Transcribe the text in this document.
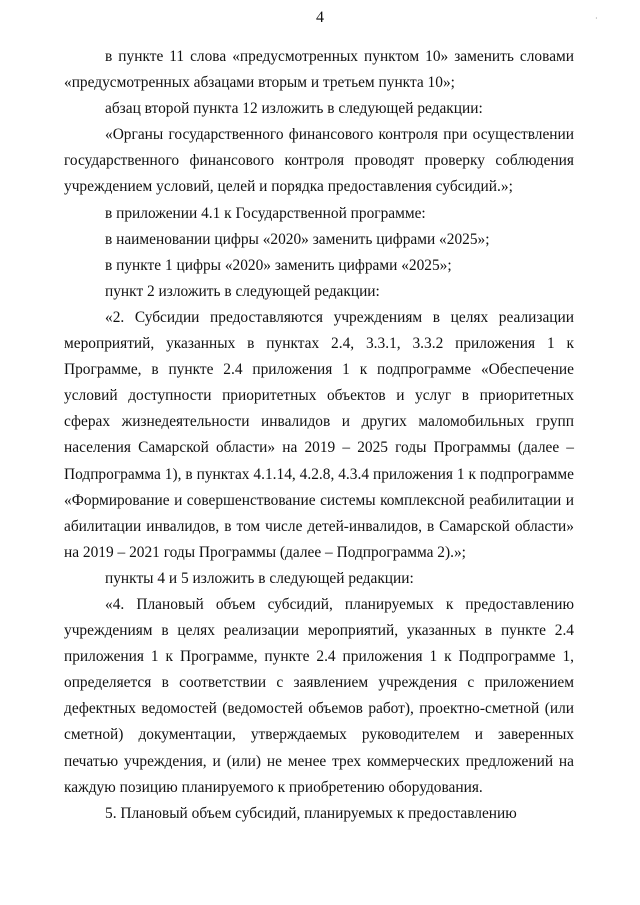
4	·

в пункте 11 слова «предусмотренных пунктом 10» заменить словами «предусмотренных абзацами вторым и третьем пункта 10»;

абзац второй пункта 12 изложить в следующей редакции:

«Органы государственного финансового контроля при осуществлении государственного финансового контроля проводят проверку соблюдения учреждением условий, целей и порядка предоставления субсидий.»;

в приложении 4.1 к Государственной программе:

в наименовании цифры «2020» заменить цифрами «2025»;

в пункте 1 цифры «2020» заменить цифрами «2025»;

пункт 2 изложить в следующей редакции:

«2. Субсидии предоставляются учреждениям в целях реализации мероприятий, указанных в пунктах 2.4, 3.3.1, 3.3.2 приложения 1 к Программе, в пункте 2.4 приложения 1 к подпрограмме «Обеспечение условий доступности приоритетных объектов и услуг в приоритетных сферах жизнедеятельности инвалидов и других маломобильных групп населения Самарской области» на 2019 – 2025 годы Программы (далее – Подпрограмма 1), в пунктах 4.1.14, 4.2.8, 4.3.4 приложения 1 к подпрограмме «Формирование и совершенствование системы комплексной реабилитации и абилитации инвалидов, в том числе детей-инвалидов, в Самарской области» на 2019 – 2021 годы Программы (далее – Подпрограмма 2).»;

пункты 4 и 5 изложить в следующей редакции:

«4. Плановый объем субсидий, планируемых к предоставлению учреждениям в целях реализации мероприятий, указанных в пункте 2.4 приложения 1 к Программе, пункте 2.4 приложения 1 к Подпрограмме 1, определяется в соответствии с заявлением учреждения с приложением дефектных ведомостей (ведомостей объемов работ), проектно-сметной (или сметной) документации, утверждаемых руководителем и заверенных печатью учреждения, и (или) не менее трех коммерческих предложений на каждую позицию планируемого к приобретению оборудования.

5. Плановый объем субсидий, планируемых к предоставлению
